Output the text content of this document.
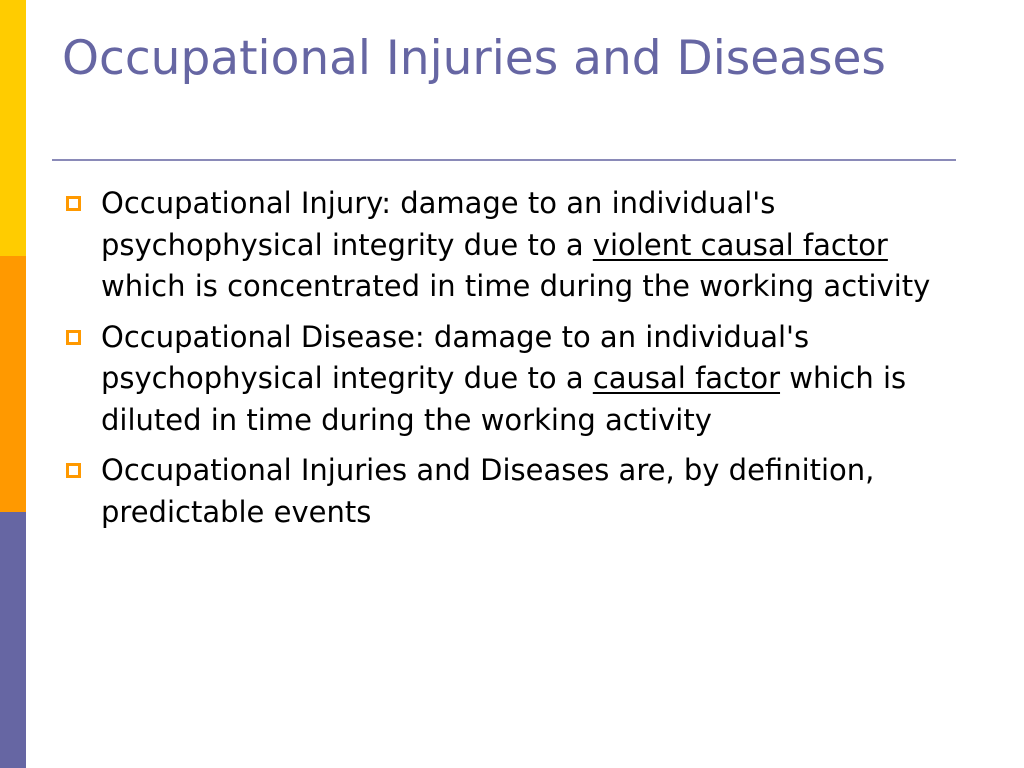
Occupational Injuries and Diseases
Occupational Injury: damage to an individual's psychophysical integrity due to a violent causal factor which is concentrated in time during the working activity
Occupational Disease: damage to an individual's psychophysical integrity due to a causal factor which is diluted in time during the working activity
Occupational Injuries and Diseases are, by definition, predictable events
